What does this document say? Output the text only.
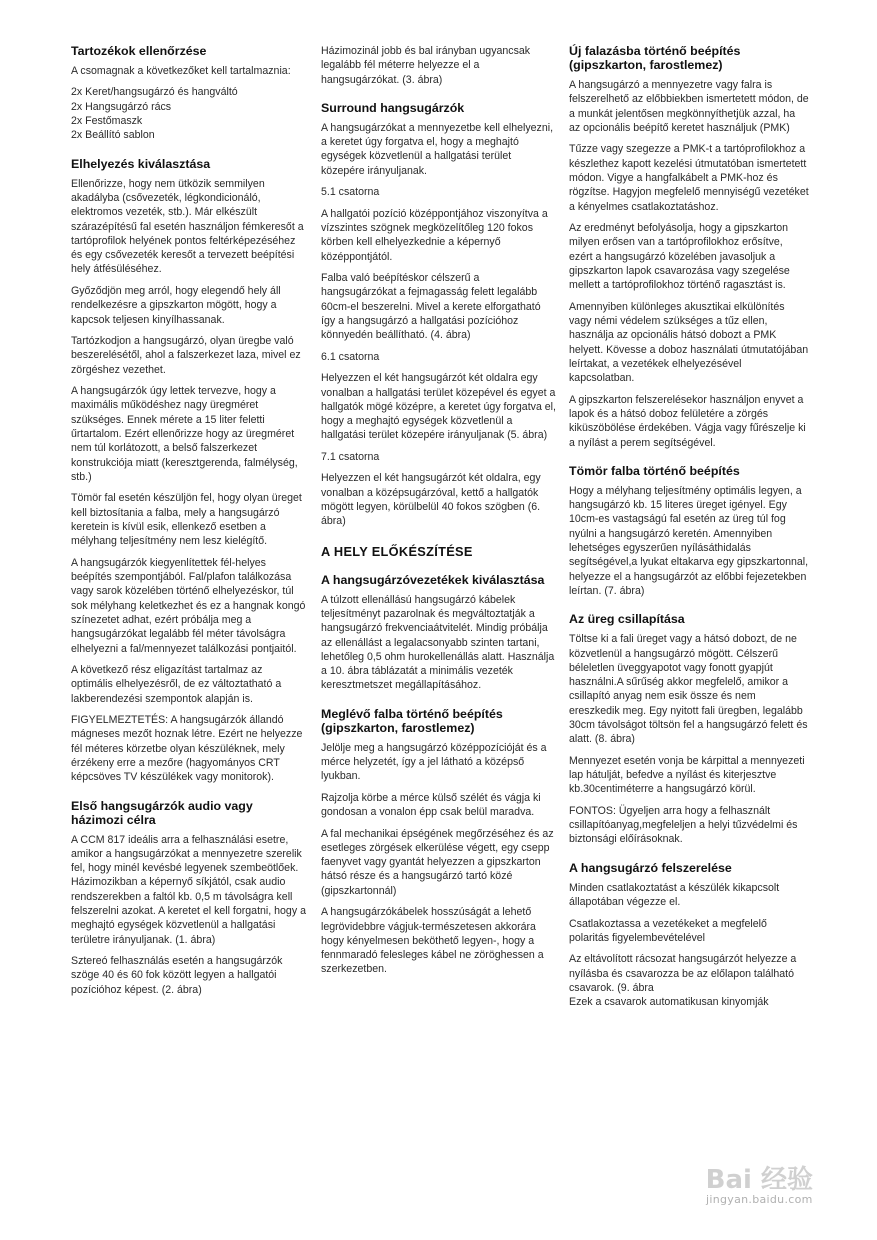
Tartozékok ellenőrzése

A csomagnak a következőket kell tartalmaznia:

2x Keret/hangsugárzó és hangváltó
2x Hangsugárzó rács
2x Festőmaszk
2x Beállító sablon

Elhelyezés kiválasztása

Ellenőrizze, hogy nem ütközik semmilyen akadályba (csővezeték, légkondicionáló, elektromos vezeték, stb.). Már elkészült szárazépítésű fal esetén használjon fémkeresőt a tartóprofilok helyének pontos feltérképezéséhez és egy csővezeték keresőt a tervezett beépítési hely átfésüléséhez.

Győződjön meg arról, hogy elegendő hely áll rendelkezésre a gipszkarton mögött, hogy a kapcsok teljesen kinyílhassanak.

Tartózkodjon a hangsugárzó, olyan üregbe való beszerelésétől, ahol a falszerkezet laza, mivel ez zörgéshez vezethet.

A hangsugárzók úgy lettek tervezve, hogy a maximális működéshez nagy üregméret szükséges. Ennek mérete a 15 liter feletti űrtartalom. Ezért ellenőrizze hogy az üregméret nem túl korlátozott, a belső falszerkezet konstrukciója miatt (keresztgerenda, falmélység, stb.)

Tömör fal esetén készüljön fel, hogy olyan üreget kell biztosítania a falba, mely a hangsugárzó keretein is kívül esik, ellenkező esetben a mélyhang teljesítmény nem lesz kielégítő.

A hangsugárzók kiegyenlítettek fél-helyes beépítés szempontjából. Fal/plafon találkozása vagy sarok közelében történő elhelyezéskor, túl sok mélyhang keletkezhet és ez a hangnak kongó színezetet adhat, ezért próbálja meg a hangsugárzókat legalább fél méter távolságra elhelyezni a fal/mennyezet találkozási pontjaitól.

A következő rész eligazítást tartalmaz az optimális elhelyezésről, de ez változtatható a lakberendezési szempontok alapján is.

FIGYELMEZTETÉS: A hangsugárzók állandó mágneses mezőt hoznak létre. Ezért ne helyezze fél méteres körzetbe olyan készüléknek, mely érzékeny erre a mezőre (hagyományos CRT képcsöves TV készülékek vagy monitorok).

Első hangsugárzók audio vagy házimozi célra

A CCM 817 ideális arra a felhasználási esetre, amikor a hangsugárzókat a mennyezetre szerelik fel, hogy minél kevésbé legyenek szembeötlőek. Házimozikban a képernyő síkjától, csak audio rendszerekben a faltól kb. 0,5 m távolságra kell felszerelni azokat. A keretet el kell forgatni, hogy a meghajtó egységek közvetlenül a hallgatási területre irányuljanak. (1. ábra)

Sztereó felhasználás esetén a hangsugárzók szöge 40 és 60 fok között legyen a hallgatói pozícióhoz képest. (2. ábra)

Házimozinál jobb és bal irányban ugyancsak legalább fél méterre helyezze el a hangsugárzókat. (3. ábra)

Surround hangsugárzók

A hangsugárzókat a mennyezetbe kell elhelyezni, a keretet úgy forgatva el, hogy a meghajtó egységek közvetlenül a hallgatási terület közepére irányuljanak.

5.1 csatorna

A hallgatói pozíció középpontjához viszonyítva a vízszintes szögnek megközelítőleg 120 fokos körben kell elhelyezkednie a képernyő középpontjától.

Falba való beépítéskor célszerű a hangsugárzókat a fejmagasság felett legalább 60cm-el beszerelni. Mivel a kerete elforgatható így a hangsugárzó a hallgatási pozícióhoz könnyedén beállítható. (4. ábra)

6.1 csatorna

Helyezzen el két hangsugárzót két oldalra egy vonalban a hallgatási terület közepével és egyet a hallgatók mögé középre, a keretet úgy forgatva el, hogy a meghajtó egységek közvetlenül a hallgatási terület közepére irányuljanak (5. ábra)

7.1 csatorna

Helyezzen el két hangsugárzót két oldalra, egy vonalban a középsugárzóval, kettő a hallgatók mögött legyen, körülbelül 40 fokos szögben (6. ábra)

A HELY ELŐKÉSZÍTÉSE
A hangsugárzóvezetékek kiválasztása

A túlzott ellenállású hangsugárzó kábelek teljesítményt pazarolnak és megváltoztatják a hangsugárzó frekvenciaátvitelét. Mindig próbálja az ellenállást a legalacsonyabb szinten tartani, lehetőleg 0,5 ohm hurokellenállás alatt. Használja a 10. ábra táblázatát a minimális vezeték keresztmetszet megállapításához.

Meglévő falba történő beépítés (gipszkarton, farostlemez)

Jelölje meg a hangsugárzó középpozícióját és a mérce helyzetét, így a jel látható a középső lyukban.

Rajzolja körbe a mérce külső szélét és vágja ki gondosan a vonalon épp csak belül maradva.

A fal mechanikai épségének megőrzéséhez és az esetleges zörgések elkerülése végett, egy csepp faenyvet vagy gyantát helyezzen a gipszkarton hátsó része és a hangsugárzó tartó közé (gipszkartonnál)

A hangsugárzókábelek hosszúságát a lehető legrövidebbre vágjuk-természetesen akkorára hogy kényelmesen beköthető legyen-, hogy a fennmaradó felesleges kábel ne zöröghessen a szerkezetben.

Új falazásba történő beépítés (gipszkarton, farostlemez)

A hangsugárzó a mennyezetre vagy falra is felszerelhető az előbbiekben ismertetett módon, de a munkát jelentősen megkönnyíthetjük azzal, ha az opcionális beépítő keretet használjuk (PMK)

Tűzze vagy szegezze a PMK-t a tartóprofilokhoz a készlethez kapott kezelési útmutatóban ismertetett módon. Vigye a hangfalkábelt a PMK-hoz és rögzítse. Hagyjon megfelelő mennyiségű vezetéket a kényelmes csatlakoztatáshoz.

Az eredményt befolyásolja, hogy a gipszkarton milyen erősen van a tartóprofilokhoz erősítve, ezért a hangsugárzó közelében javasoljuk a gipszkarton lapok csavarozása vagy szegelése mellett a tartóprofilokhoz történő ragasztást is.

Amennyiben különleges akusztikai elkülönítés vagy némi védelem szükséges a tűz ellen, használja az opcionális hátsó dobozt a PMK helyett. Kövesse a doboz használati útmutatójában leírtakat, a vezetékek elhelyezésével kapcsolatban.

A gipszkarton felszerelésekor használjon enyvet a lapok és a hátsó doboz felületére a zörgés kiküszöbölése érdekében. Vágja vagy fűrészelje ki a nyílást a perem segítségével.

Tömör falba történő beépítés

Hogy a mélyhang teljesítmény optimális legyen, a hangsugárzó kb. 15 literes üreget igényel. Egy 10cm-es vastagságú fal esetén az üreg túl fog nyúlni a hangsugárzó keretén. Amennyiben lehetséges egyszerűen nyílásáthidalás segítségével,a lyukat eltakarva egy gipszkartonnal, helyezze el a hangsugárzót az előbbi fejezetekben leírtan. (7. ábra)

Az üreg csillapítása

Töltse ki a fali üreget vagy a hátsó dobozt, de ne közvetlenül a hangsugárzó mögött. Célszerű béleletlen üveggyapotot vagy fonott gyapjút használni.A sűrűség akkor megfelelő, amikor a csillapító anyag nem esik össze és nem ereszkedik meg. Egy nyitott fali üregben, legalább 30cm távolságot töltsön fel a hangsugárzó felett és alatt. (8. ábra)

Mennyezet esetén vonja be kárpittal a mennyezeti lap hátulját, befedve a nyílást és kiterjesztve kb.30centiméterre a hangsugárzó körül.

FONTOS: Ügyeljen arra hogy a felhasznált csillapítóanyag,megfeleljen a helyi tűzvédelmi és biztonsági előírásoknak.

A hangsugárzó felszerelése

Minden csatlakoztatást a készülék kikapcsolt állapotában végezze el.

Csatlakoztassa a vezetékeket a megfelelő polaritás figyelembevételével

Az eltávolított rácsozat hangsugárzót helyezze a nyílásba és csavarozza be az előlapon található csavarok. (9. ábra

Ezek a csavarok automatikusan kinyomják

Bai 经验
jingyan.baidu.com
